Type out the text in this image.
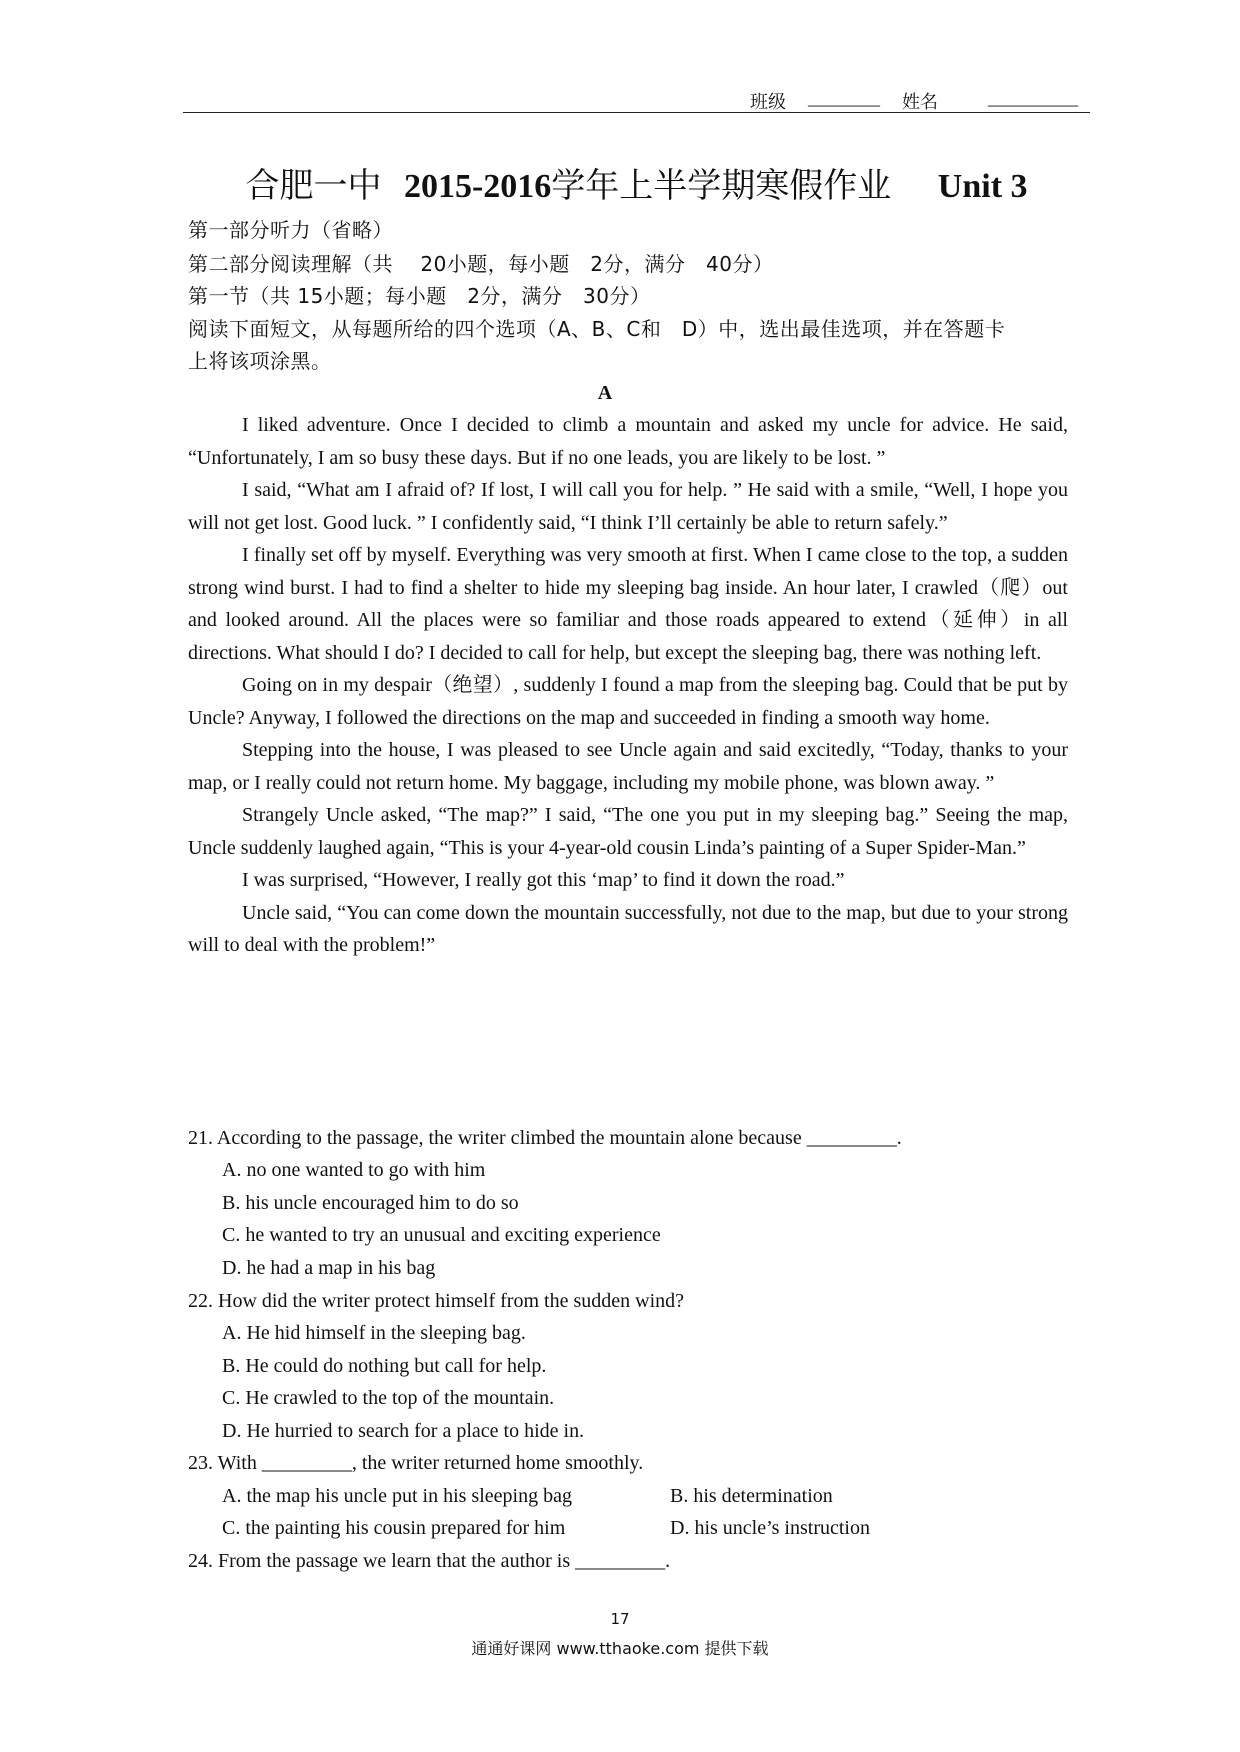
班级 ________ 姓名	__________
合肥一中 2015-2016学年上半学期寒假作业 Unit 3
第一部分听力（省略）
第二部分阅读理解（共　 20小题，每小题　2分，满分　40分）
第一节（共 15小题；每小题　2分，满分　30分）
阅读下面短文，从每题所给的四个选项（A、B、C和　D）中，选出最佳选项，并在答题卡
上将该项涂黑。
A

I liked adventure. Once I decided to climb a mountain and asked my uncle for advice. He said, “Unfortunately, I am so busy these days. But if no one leads, you are likely to be lost. ”

I said, “What am I afraid of? If lost, I will call you for help. ” He said with a smile, “Well, I hope you will not get lost. Good luck. ” I confidently said, “I think I’ll certainly be able to return safely.”

I finally set off by myself. Everything was very smooth at first. When I came close to the top, a sudden strong wind burst. I had to find a shelter to hide my sleeping bag inside. An hour later, I crawled（爬）out and looked around. All the places were so familiar and those roads appeared to extend（延伸）in all directions. What should I do? I decided to call for help, but except the sleeping bag, there was nothing left.

Going on in my despair（绝望）, suddenly I found a map from the sleeping bag. Could that be put by Uncle? Anyway, I followed the directions on the map and succeeded in finding a smooth way home.

Stepping into the house, I was pleased to see Uncle again and said excitedly, “Today, thanks to your map, or I really could not return home. My baggage, including my mobile phone, was blown away. ”

Strangely Uncle asked, “The map?” I said, “The one you put in my sleeping bag.” Seeing the map, Uncle suddenly laughed again, “This is your 4-year-old cousin Linda’s painting of a Super Spider-Man.”

I was surprised, “However, I really got this ‘map’ to find it down the road.”

Uncle said, “You can come down the mountain successfully, not due to the map, but due to your strong will to deal with the problem!”

21. According to the passage, the writer climbed the mountain alone because _________.
A. no one wanted to go with him
B. his uncle encouraged him to do so
C. he wanted to try an unusual and exciting experience
D. he had a map in his bag
22. How did the writer protect himself from the sudden wind?
A. He hid himself in the sleeping bag.
B. He could do nothing but call for help.
C. He crawled to the top of the mountain.
D. He hurried to search for a place to hide in.
23. With _________, the writer returned home smoothly.
A. the map his uncle put in his sleeping bag	B. his determination
C. the painting his cousin prepared for him	D. his uncle’s instruction
24. From the passage we learn that the author is _________.
17
通通好课网 www.tthaoke.com 提供下载
